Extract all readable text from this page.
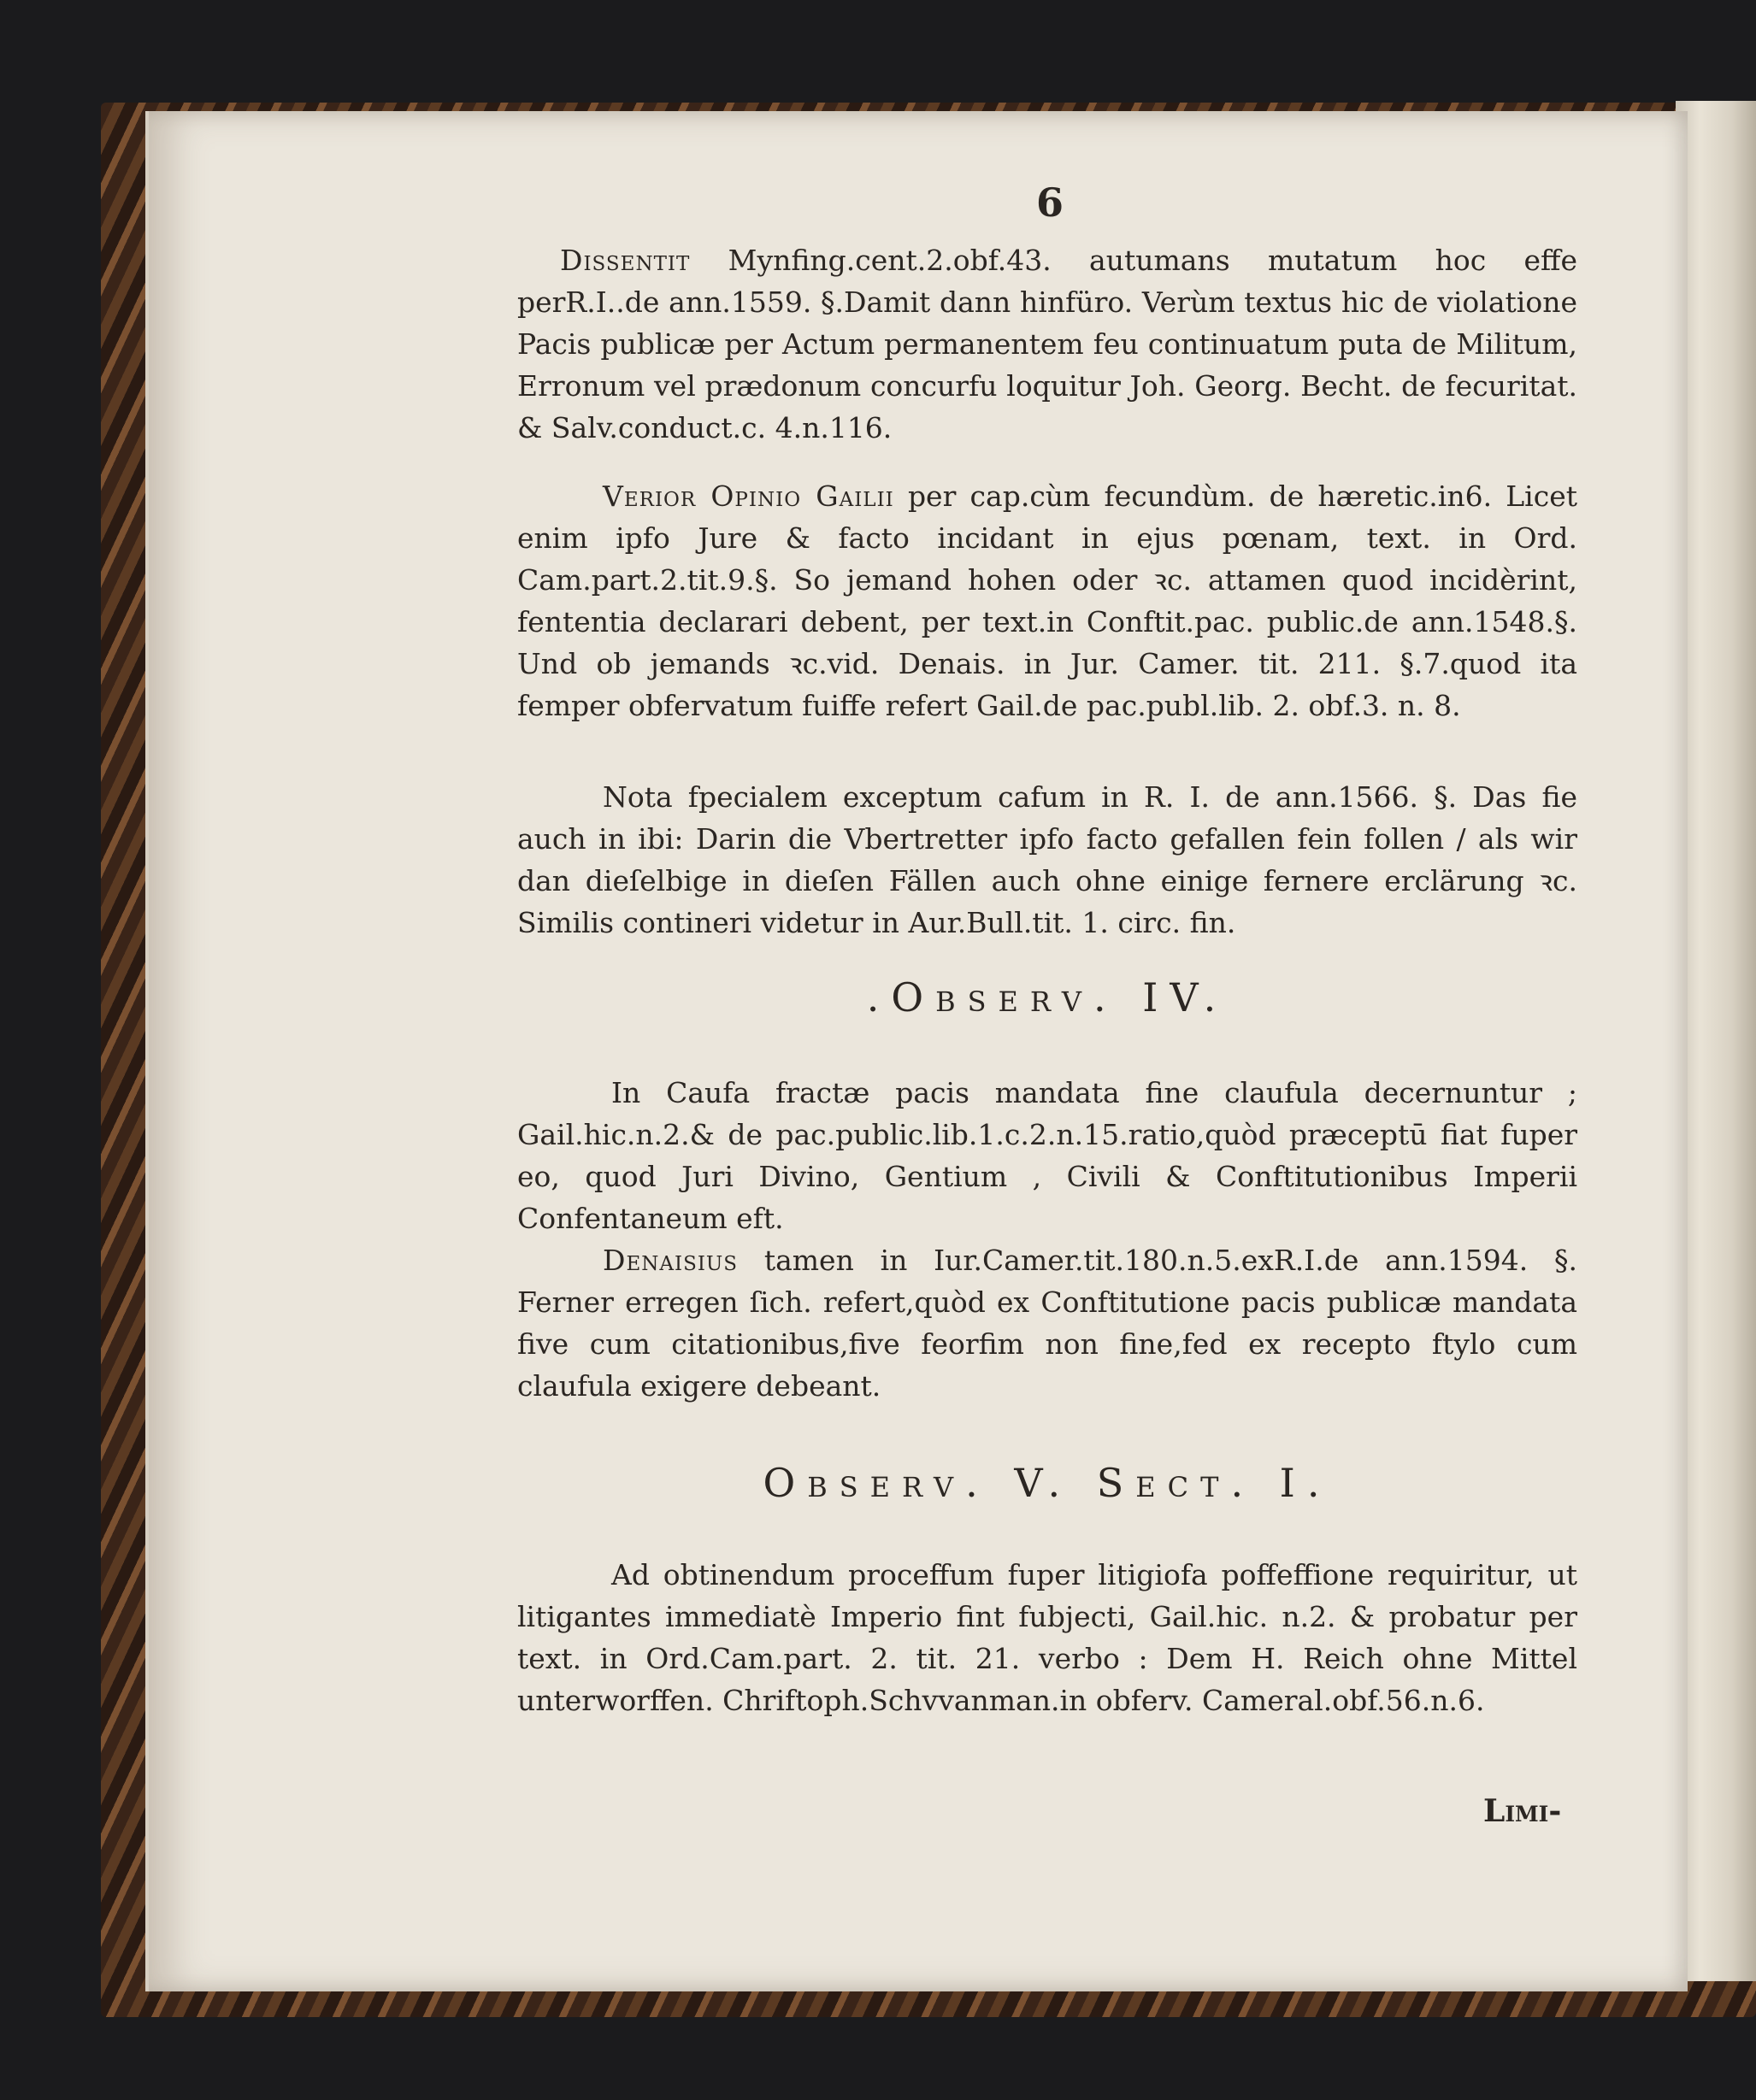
6

Dissentit Mynfing.cent.2.obf.43. autumans mutatum hoc effe perR.I..de ann.1559. §.Damit dann hinfüro. Verùm textus hic de violatione Pacis publicæ per Actum permanentem feu continuatum puta de Militum, Erronum vel prædonum concurfu loquitur Joh. Georg. Becht. de fecuritat. & Salv.conduct.c. 4.n.116.

Verior Opinio Gailii per cap.cùm fecundùm. de hæretic.in6. Licet enim ipfo Jure & facto incidant in ejus pœnam, text. in Ord. Cam.part.2.tit.9.§. So jemand hohen oder ꝛc. attamen quod incidèrint, fententia declarari debent, per text.in Conftit.pac. public.de ann.1548.§. Und ob jemands ꝛc.vid. Denais. in Jur. Camer. tit. 211. §.7.quod ita femper obfervatum fuiffe refert Gail.de pac.publ.lib. 2. obf.3. n. 8.

Nota fpecialem exceptum cafum in R. I. de ann.1566. §. Das fie auch in ibi: Darin die Vbertretter ipfo facto gefallen fein follen / als wir dan dieſelbige in dieſen Fällen auch ohne einige fernere erclärung ꝛc. Similis contineri videtur in Aur.Bull.tit. 1. circ. fin.

.Observ. IV.

In Caufa fractæ pacis mandata fine claufula decernuntur ; Gail.hic.n.2.& de pac.public.lib.1.c.2.n.15.ratio,quòd præceptū fiat fuper eo, quod Juri Divino, Gentium , Civili & Conftitutionibus Imperii Confentaneum eft.

Denaisius tamen in Iur.Camer.tit.180.n.5.exR.I.de ann.1594. §. Ferner erregen ſich. refert,quòd ex Conftitutione pacis publicæ mandata five cum citationibus,five feorfim non fine,fed ex recepto ftylo cum claufula exigere debeant.

Observ. V. Sect. I.

Ad obtinendum proceffum fuper litigiofa poffeffione requiritur, ut litigantes immediatè Imperio fint fubjecti, Gail.hic. n.2. & probatur per text. in Ord.Cam.part. 2. tit. 21. verbo : Dem H. Reich ohne Mittel unterworffen. Chriftoph.Schvvanman.in obferv. Cameral.obf.56.n.6.

Limi-
